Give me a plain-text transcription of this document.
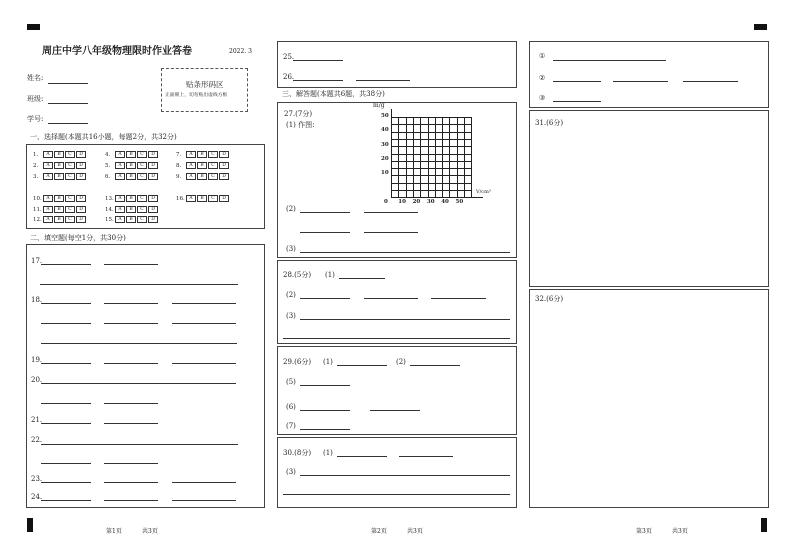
周庄中学八年级物理限时作业答卷	2022. 3
姓名:
班级:
学号:
贴条形码区
正面朝上，切勿贴出虚线方框
一、选择题(本题共16小题，每题2分，共32分)
1. A B C D	4. A B C D	7. A B C D
2. A B C D	5. A B C D	8. A B C D
3. A B C D	6. A B C D	9. A B C D
10. A B C D	13. A B C D	16. A B C D
11. A B C D	14. A B C D
12. A B C D	15. A B C D
二、填空题(每空1分，共30分)
17.
18.
19.
20.
21.
22.
23.
24.
第1页	共3页
25.
26.
三、解答题(本题共6题，共38分)
27.(7分)
(1) 作图:
m/g
50
40
30
20
10
0 10 20 30 40 50
V/cm³
(2)
(3)
28.(5分) (1)
(2)
(3)
29.(6分) (1)	(2)
(5)
(6)
(7)
30.(8分) (1)
(3)
第2页	共3页
①
②
③
31.(6分)
32.(6分)
第3页	共3页
